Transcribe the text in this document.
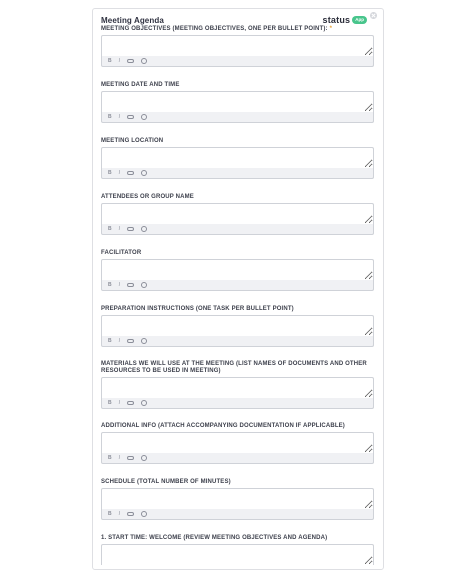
Meeting Agenda	status	App
MEETING OBJECTIVES (MEETING OBJECTIVES, ONE PER BULLET POINT): *
B I
MEETING DATE AND TIME
B I
MEETING LOCATION
B I
ATTENDEES OR GROUP NAME
B I
FACILITATOR
B I
PREPARATION INSTRUCTIONS (ONE TASK PER BULLET POINT)
B I
MATERIALS WE WILL USE AT THE MEETING (LIST NAMES OF DOCUMENTS AND OTHER RESOURCES TO BE USED IN MEETING)
B I
ADDITIONAL INFO (ATTACH ACCOMPANYING DOCUMENTATION IF APPLICABLE)
B I
SCHEDULE (TOTAL NUMBER OF MINUTES)
B I
1. START TIME: WELCOME (REVIEW MEETING OBJECTIVES AND AGENDA)
